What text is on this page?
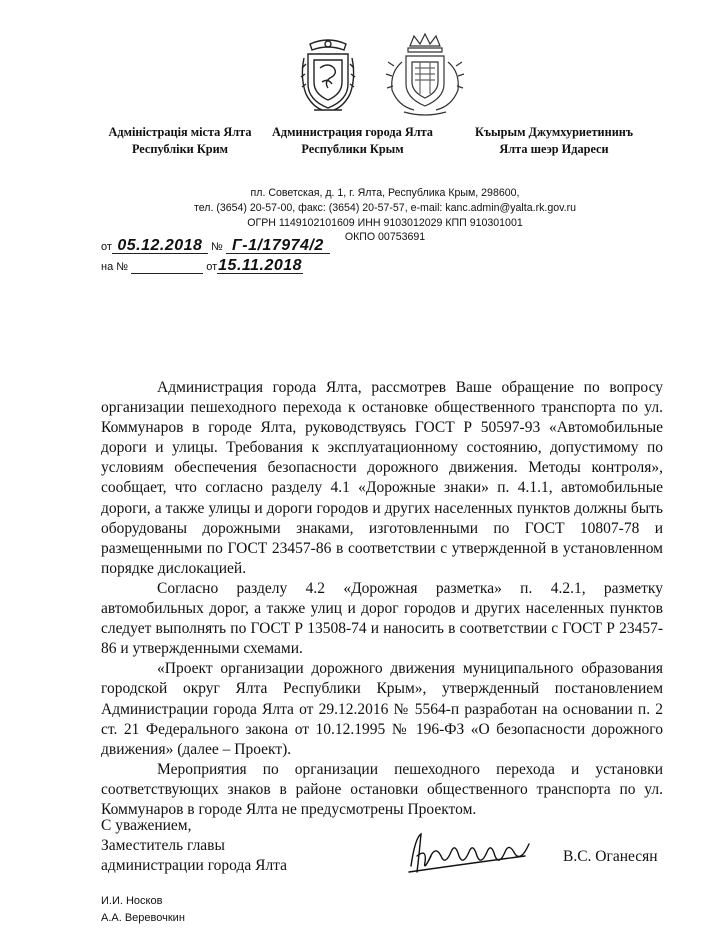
Адміністрація міста Ялта
Республіки Крим
Администрация города Ялта
Республики Крым
Къырым Джумхуриетининъ
Ялта шеэр Идареси
пл. Советская, д. 1, г. Ялта, Республика Крым, 298600,
тел. (3654) 20-57-00, факс: (3654) 20-57-57, e-mail: kanc.admin@yalta.rk.gov.ru
ОГРН 1149102101609 ИНН 9103012029 КПП 910301001
ОКПО 00753691
от 05.12.2018 № Г-1/17974/2
на №	от15.11.2018

Администрация города Ялта, рассмотрев Ваше обращение по вопросу организации пешеходного перехода к остановке общественного транспорта по ул. Коммунаров в городе Ялта, руководствуясь ГОСТ Р 50597-93 «Автомобильные дороги и улицы. Требования к эксплуатационному состоянию, допустимому по условиям обеспечения безопасности дорожного движения. Методы контроля», сообщает, что согласно разделу 4.1 «Дорожные знаки» п. 4.1.1, автомобильные дороги, а также улицы и дороги городов и других населенных пунктов должны быть оборудованы дорожными знаками, изготовленными по ГОСТ 10807-78 и размещенными по ГОСТ 23457-86 в соответствии с утвержденной в установленном порядке дислокацией.

Согласно разделу 4.2 «Дорожная разметка» п. 4.2.1, разметку автомобильных дорог, а также улиц и дорог городов и других населенных пунктов следует выполнять по ГОСТ Р 13508-74 и наносить в соответствии с ГОСТ Р 23457-86 и утвержденными схемами.

«Проект организации дорожного движения муниципального образования городской округ Ялта Республики Крым», утвержденный постановлением Администрации города Ялта от 29.12.2016 № 5564-п разработан на основании п. 2 ст. 21 Федерального закона от 10.12.1995 № 196-ФЗ «О безопасности дорожного движения» (далее – Проект).

Мероприятия по организации пешеходного перехода и установки соответствующих знаков в районе остановки общественного транспорта по ул. Коммунаров в городе Ялта не предусмотрены Проектом.

С уважением,
Заместитель главы
администрации города Ялта
В.С. Оганесян
И.И. Носков
А.А. Веревочкин
